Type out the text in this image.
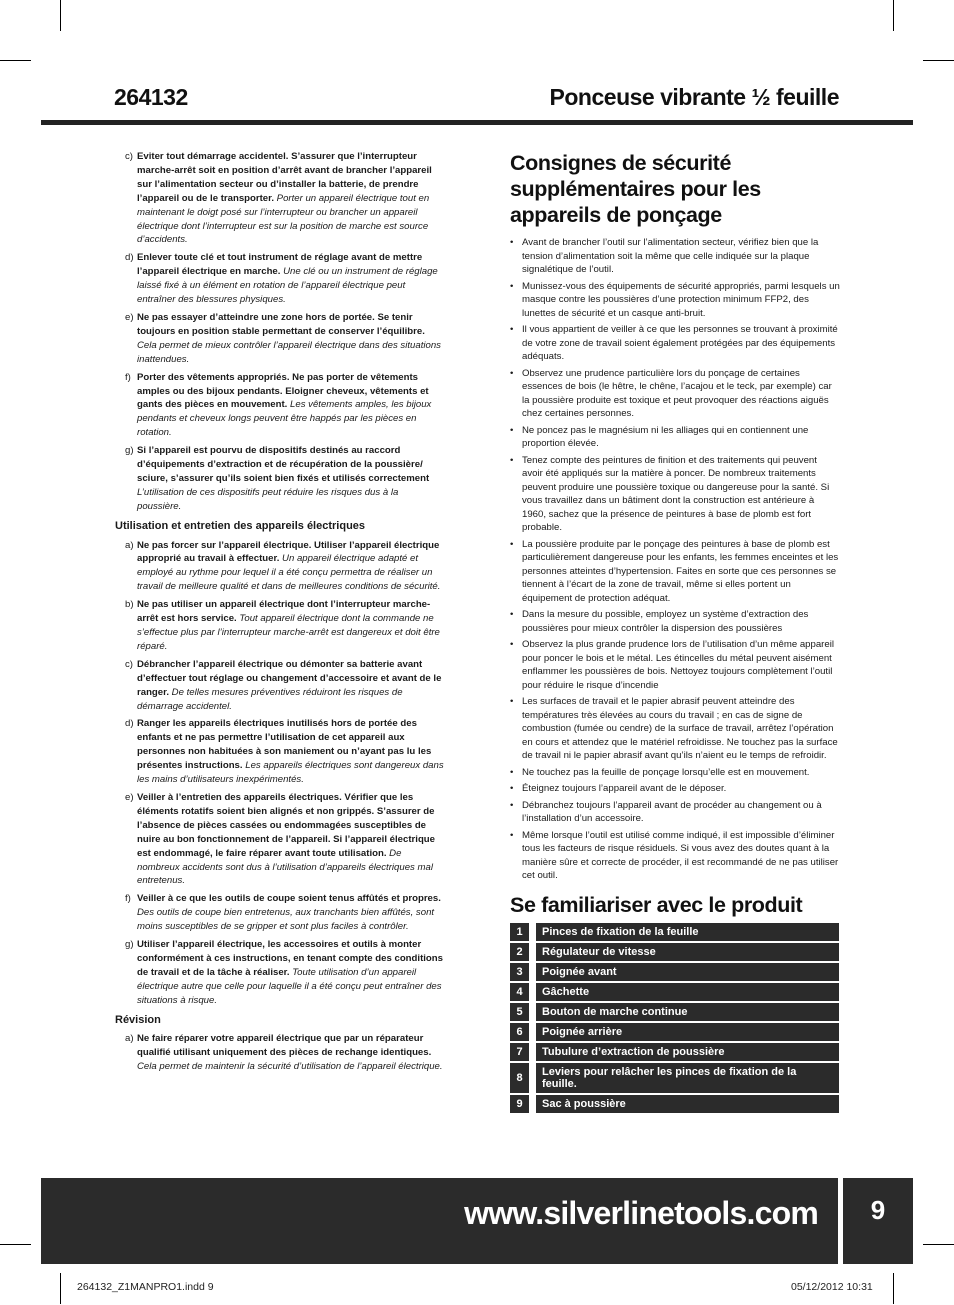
264132	Ponceuse vibrante ½ feuille
c) Eviter tout démarrage accidentel. S’assurer que l’interrupteur marche-arrêt soit en position d’arrêt avant de brancher l’appareil sur l’alimentation secteur ou d’installer la batterie, de prendre l’appareil ou de le transporter. Porter un appareil électrique tout en maintenant le doigt posé sur l’interrupteur ou brancher un appareil électrique dont l’interrupteur est sur la position de marche est source d’accidents.
d) Enlever toute clé et tout instrument de réglage avant de mettre l’appareil électrique en marche. Une clé ou un instrument de réglage laissé fixé à un élément en rotation de l’appareil électrique peut entraîner des blessures physiques.
e) Ne pas essayer d’atteindre une zone hors de portée. Se tenir toujours en position stable permettant de conserver l’équilibre. Cela permet de mieux contrôler l’appareil électrique dans des situations inattendues.
f) Porter des vêtements appropriés. Ne pas porter de vêtements amples ou des bijoux pendants. Eloigner cheveux, vêtements et gants des pièces en mouvement. Les vêtements amples, les bijoux pendants et cheveux longs peuvent être happés par les pièces en rotation.
g) Si l’appareil est pourvu de dispositifs destinés au raccord d’équipements d’extraction et de récupération de la poussière/ sciure, s’assurer qu’ils soient bien fixés et utilisés correctement L’utilisation de ces dispositifs peut réduire les risques dus à la poussière.
Utilisation et entretien des appareils électriques
a) Ne pas forcer sur l’appareil électrique. Utiliser l’appareil électrique approprié au travail à effectuer. Un appareil électrique adapté et employé au rythme pour lequel il a été conçu permettra de réaliser un travail de meilleure qualité et dans de meilleures conditions de sécurité.
b) Ne pas utiliser un appareil électrique dont l’interrupteur marche-arrêt est hors service. Tout appareil électrique dont la commande ne s’effectue plus par l’interrupteur marche-arrêt est dangereux et doit être réparé.
c) Débrancher l’appareil électrique ou démonter sa batterie avant d’effectuer tout réglage ou changement d’accessoire et avant de le ranger. De telles mesures préventives réduiront les risques de démarrage accidentel.
d) Ranger les appareils électriques inutilisés hors de portée des enfants et ne pas permettre l’utilisation de cet appareil aux personnes non habituées à son maniement ou n’ayant pas lu les présentes instructions. Les appareils électriques sont dangereux dans les mains d’utilisateurs inexpérimentés.
e) Veiller à l’entretien des appareils électriques. Vérifier que les éléments rotatifs soient bien alignés et non grippés. S’assurer de l’absence de pièces cassées ou endommagées susceptibles de nuire au bon fonctionnement de l’appareil. Si l’appareil électrique est endommagé, le faire réparer avant toute utilisation. De nombreux accidents sont dus à l’utilisation d’appareils électriques mal entretenus.
f) Veiller à ce que les outils de coupe soient tenus affûtés et propres. Des outils de coupe bien entretenus, aux tranchants bien affûtés, sont moins susceptibles de se gripper et sont plus faciles à contrôler.
g) Utiliser l’appareil électrique, les accessoires et outils à monter conformément à ces instructions, en tenant compte des conditions de travail et de la tâche à réaliser. Toute utilisation d’un appareil électrique autre que celle pour laquelle il a été conçu peut entraîner des situations à risque.
Révision
a) Ne faire réparer votre appareil électrique que par un réparateur qualifié utilisant uniquement des pièces de rechange identiques. Cela permet de maintenir la sécurité d’utilisation de l’appareil électrique.
Consignes de sécurité supplémentaires pour les appareils de ponçage
• Avant de brancher l’outil sur l’alimentation secteur, vérifiez bien que la tension d’alimentation soit la même que celle indiquée sur la plaque signalétique de l’outil.
• Munissez-vous des équipements de sécurité appropriés, parmi lesquels un masque contre les poussières d’une protection minimum FFP2, des lunettes de sécurité et un casque anti-bruit.
• Il vous appartient de veiller à ce que les personnes se trouvant à proximité de votre zone de travail soient également protégées par des équipements adéquats.
• Observez une prudence particulière lors du ponçage de certaines essences de bois (le hêtre, le chêne, l’acajou et le teck, par exemple) car la poussière produite est toxique et peut provoquer des réactions aiguës chez certaines personnes.
• Ne poncez pas le magnésium ni les alliages qui en contiennent une proportion élevée.
• Tenez compte des peintures de finition et des traitements qui peuvent avoir été appliqués sur la matière à poncer. De nombreux traitements peuvent produire une poussière toxique ou dangereuse pour la santé. Si vous travaillez dans un bâtiment dont la construction est antérieure à 1960, sachez que la présence de peintures à base de plomb est fort probable.
• La poussière produite par le ponçage des peintures à base de plomb est particulièrement dangereuse pour les enfants, les femmes enceintes et les personnes atteintes d’hypertension. Faites en sorte que ces personnes se tiennent à l’écart de la zone de travail, même si elles portent un équipement de protection adéquat.
• Dans la mesure du possible, employez un système d’extraction des poussières pour mieux contrôler la dispersion des poussières
• Observez la plus grande prudence lors de l’utilisation d’un même appareil pour poncer le bois et le métal. Les étincelles du métal peuvent aisément enflammer les poussières de bois. Nettoyez toujours complètement l’outil pour réduire le risque d’incendie
• Les surfaces de travail et le papier abrasif peuvent atteindre des températures très élevées au cours du travail ; en cas de signe de combustion (fumée ou cendre) de la surface de travail, arrêtez l’opération en cours et attendez que le matériel refroidisse. Ne touchez pas la surface de travail ni le papier abrasif avant qu’ils n’aient eu le temps de refroidir.
• Ne touchez pas la feuille de ponçage lorsqu’elle est en mouvement.
• Éteignez toujours l’appareil avant de le déposer.
• Débranchez toujours l’appareil avant de procéder au changement ou à l’installation d’un accessoire.
• Même lorsque l’outil est utilisé comme indiqué, il est impossible d’éliminer tous les facteurs de risque résiduels. Si vous avez des doutes quant à la manière sûre et correcte de procéder, il est recommandé de ne pas utiliser cet outil.
Se familiariser avec le produit
1	Pinces de fixation de la feuille
2	Régulateur de vitesse
3	Poignée avant
4	Gâchette
5	Bouton de marche continue
6	Poignée arrière
7	Tubulure d’extraction de poussière
8	Leviers pour relâcher les pinces de fixation de la feuille.
9	Sac à poussière
www.silverlinetools.com	9
264132_Z1MANPRO1.indd 9	05/12/2012 10:31
